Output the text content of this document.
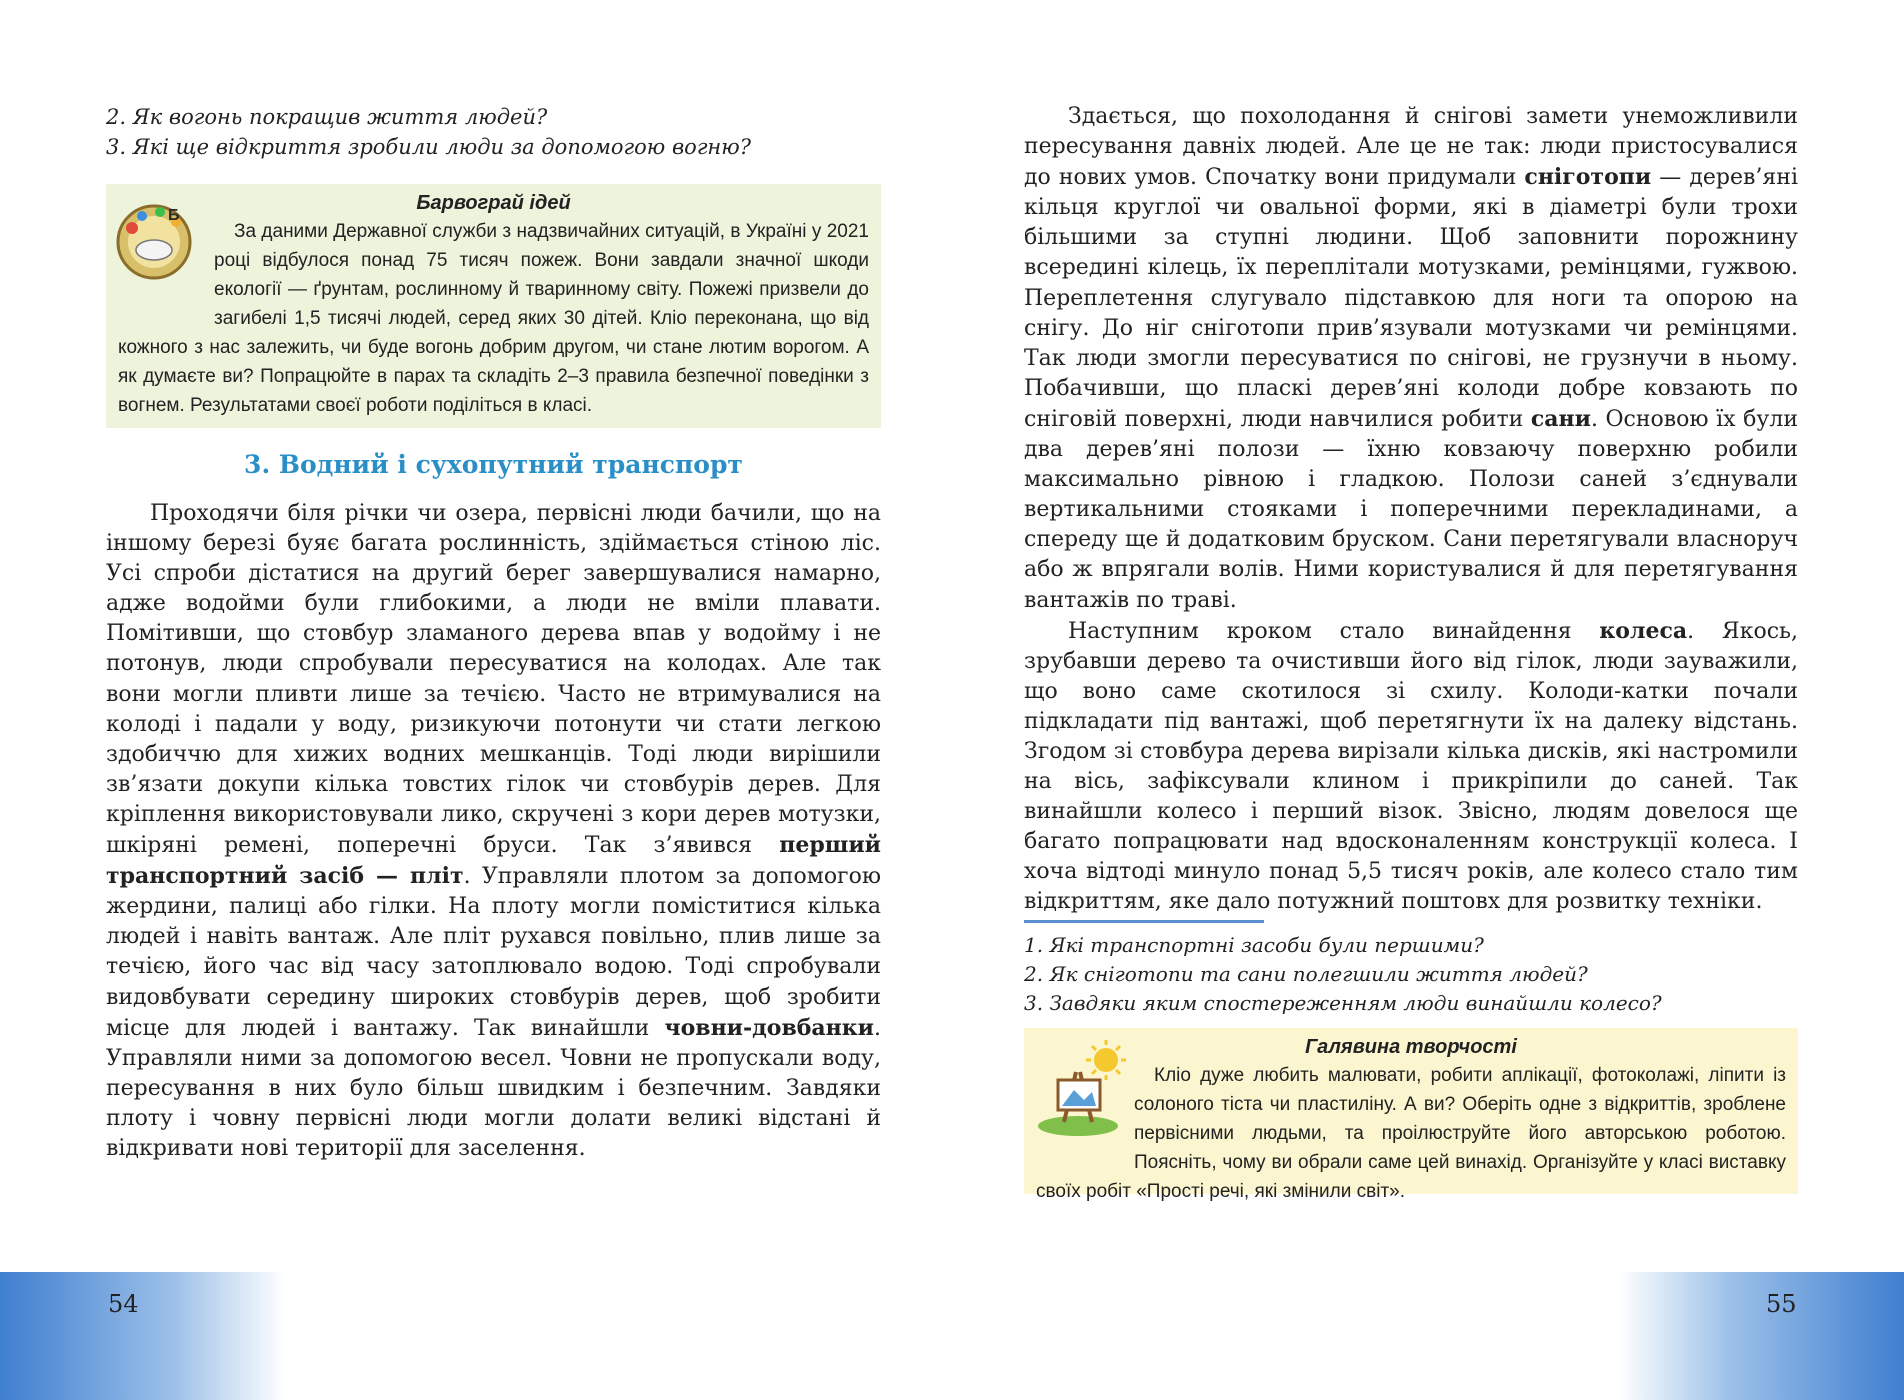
2. Як вогонь покращив життя людей?

3. Які ще відкриття зробили люди за допомогою вогню?

Б

Барвограй ідей

За даними Державної служби з надзвичайних ситуацій, в Україні у 2021 році відбулося понад 75 тисяч пожеж. Вони завдали значної шкоди екології — ґрунтам, рослинному й тваринному світу. Пожежі призвели до загибелі 1,5 тисячі людей, серед яких 30 дітей. Кліо переконана, що від кожного з нас залежить, чи буде вогонь добрим другом, чи стане лютим ворогом. А як думаєте ви? Попрацюйте в парах та складіть 2–3 правила безпечної поведінки з вогнем. Результатами своєї роботи поділіться в класі.

3. Водний і сухопутний транспорт

Проходячи біля річки чи озера, первісні люди бачили, що на іншому березі буяє багата рослинність, здіймається стіною ліс. Усі спроби дістатися на другий берег завершувалися намарно, адже водойми були глибокими, а люди не вміли плавати. Помітивши, що стовбур зламаного дерева впав у водойму і не потонув, люди спробували пересуватися на колодах. Але так вони могли пливти лише за течією. Часто не втримувалися на колоді і падали у воду, ризикуючи потонути чи стати легкою здобиччю для хижих водних мешканців. Тоді люди вирішили зв’язати докупи кілька товстих гілок чи стовбурів дерев. Для кріплення використовували лико, скручені з кори дерев мотузки, шкіряні ремені, поперечні бруси. Так з’явився перший транспортний засіб — пліт. Управляли плотом за допомогою жердини, палиці або гілки. На плоту могли поміститися кілька людей і навіть вантаж. Але пліт рухався повільно, плив лише за течією, його час від часу затоплювало водою. Тоді спробували видовбувати середину широких стовбурів дерев, щоб зробити місце для людей і вантажу. Так винайшли човни-довбанки. Управляли ними за допомогою весел. Човни не пропускали воду, пересування в них було більш швидким і безпечним. Завдяки плоту і човну первісні люди могли долати великі відстані й відкривати нові території для заселення.

54

Здається, що похолодання й снігові замети унеможливили пересування давніх людей. Але це не так: люди пристосувалися до нових умов. Спочатку вони придумали сніготопи — дерев’яні кільця круглої чи овальної форми, які в діаметрі були трохи більшими за ступні людини. Щоб заповнити порожнину всередині кілець, їх переплітали мотузками, ремінцями, гужвою. Переплетення слугувало підставкою для ноги та опорою на снігу. До ніг сніготопи прив’язували мотузками чи ремінцями. Так люди змогли пересуватися по снігові, не грузнучи в ньому. Побачивши, що пласкі дерев’яні колоди добре ковзають по сніговій поверхні, люди навчилися робити сани. Основою їх були два дерев’яні полози — їхню ковзаючу поверхню робили максимально рівною і гладкою. Полози саней з’єднували вертикальними стояками і поперечними перекладинами, а спереду ще й додатковим бруском. Сани перетягували власноруч або ж впрягали волів. Ними користувалися й для перетягування вантажів по траві.

Наступним кроком стало винайдення колеса. Якось, зрубавши дерево та очистивши його від гілок, люди зауважили, що воно саме скотилося зі схилу. Колоди-катки почали підкладати під вантажі, щоб перетягнути їх на далеку відстань. Згодом зі стовбура дерева вирізали кілька дисків, які настромили на вісь, зафіксували клином і прикріпили до саней. Так винайшли колесо і перший візок. Звісно, людям довелося ще багато попрацювати над вдосконаленням конструкції колеса. І хоча відтоді минуло понад 5,5 тисяч років, але колесо стало тим відкриттям, яке дало потужний поштовх для розвитку техніки.

1. Які транспортні засоби були першими?

2. Як сніготопи та сани полегшили життя людей?

3. Завдяки яким спостереженням люди винайшли колесо?

Галявина творчості

Кліо дуже любить малювати, робити аплікації, фотоколажі, ліпити із солоного тіста чи пластиліну. А ви? Оберіть одне з відкриттів, зроблене первісними людьми, та проілюструйте його авторською роботою. Поясніть, чому ви обрали саме цей винахід. Організуйте у класі виставку своїх робіт «Прості речі, які змінили світ».

55
